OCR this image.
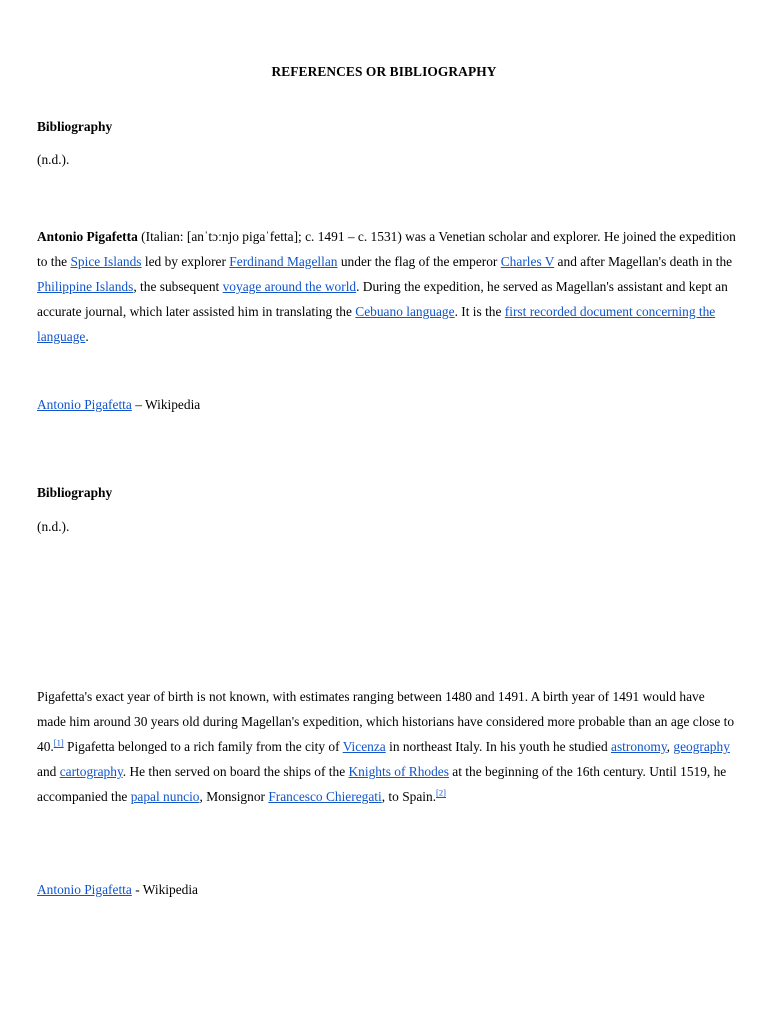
REFERENCES OR BIBLIOGRAPHY
Bibliography
(n.d.).
Antonio Pigafetta (Italian: [anˈtɔːnjo pigaˈfetta]; c. 1491 – c. 1531) was a Venetian scholar and explorer. He joined the expedition to the Spice Islands led by explorer Ferdinand Magellan under the flag of the emperor Charles V and after Magellan's death in the Philippine Islands, the subsequent voyage around the world. During the expedition, he served as Magellan's assistant and kept an accurate journal, which later assisted him in translating the Cebuano language. It is the first recorded document concerning the language.
Antonio Pigafetta – Wikipedia
Bibliography
(n.d.).
Pigafetta's exact year of birth is not known, with estimates ranging between 1480 and 1491. A birth year of 1491 would have made him around 30 years old during Magellan's expedition, which historians have considered more probable than an age close to 40.[1] Pigafetta belonged to a rich family from the city of Vicenza in northeast Italy. In his youth he studied astronomy, geography and cartography. He then served on board the ships of the Knights of Rhodes at the beginning of the 16th century. Until 1519, he accompanied the papal nuncio, Monsignor Francesco Chieregati, to Spain.[2]
Antonio Pigafetta - Wikipedia
